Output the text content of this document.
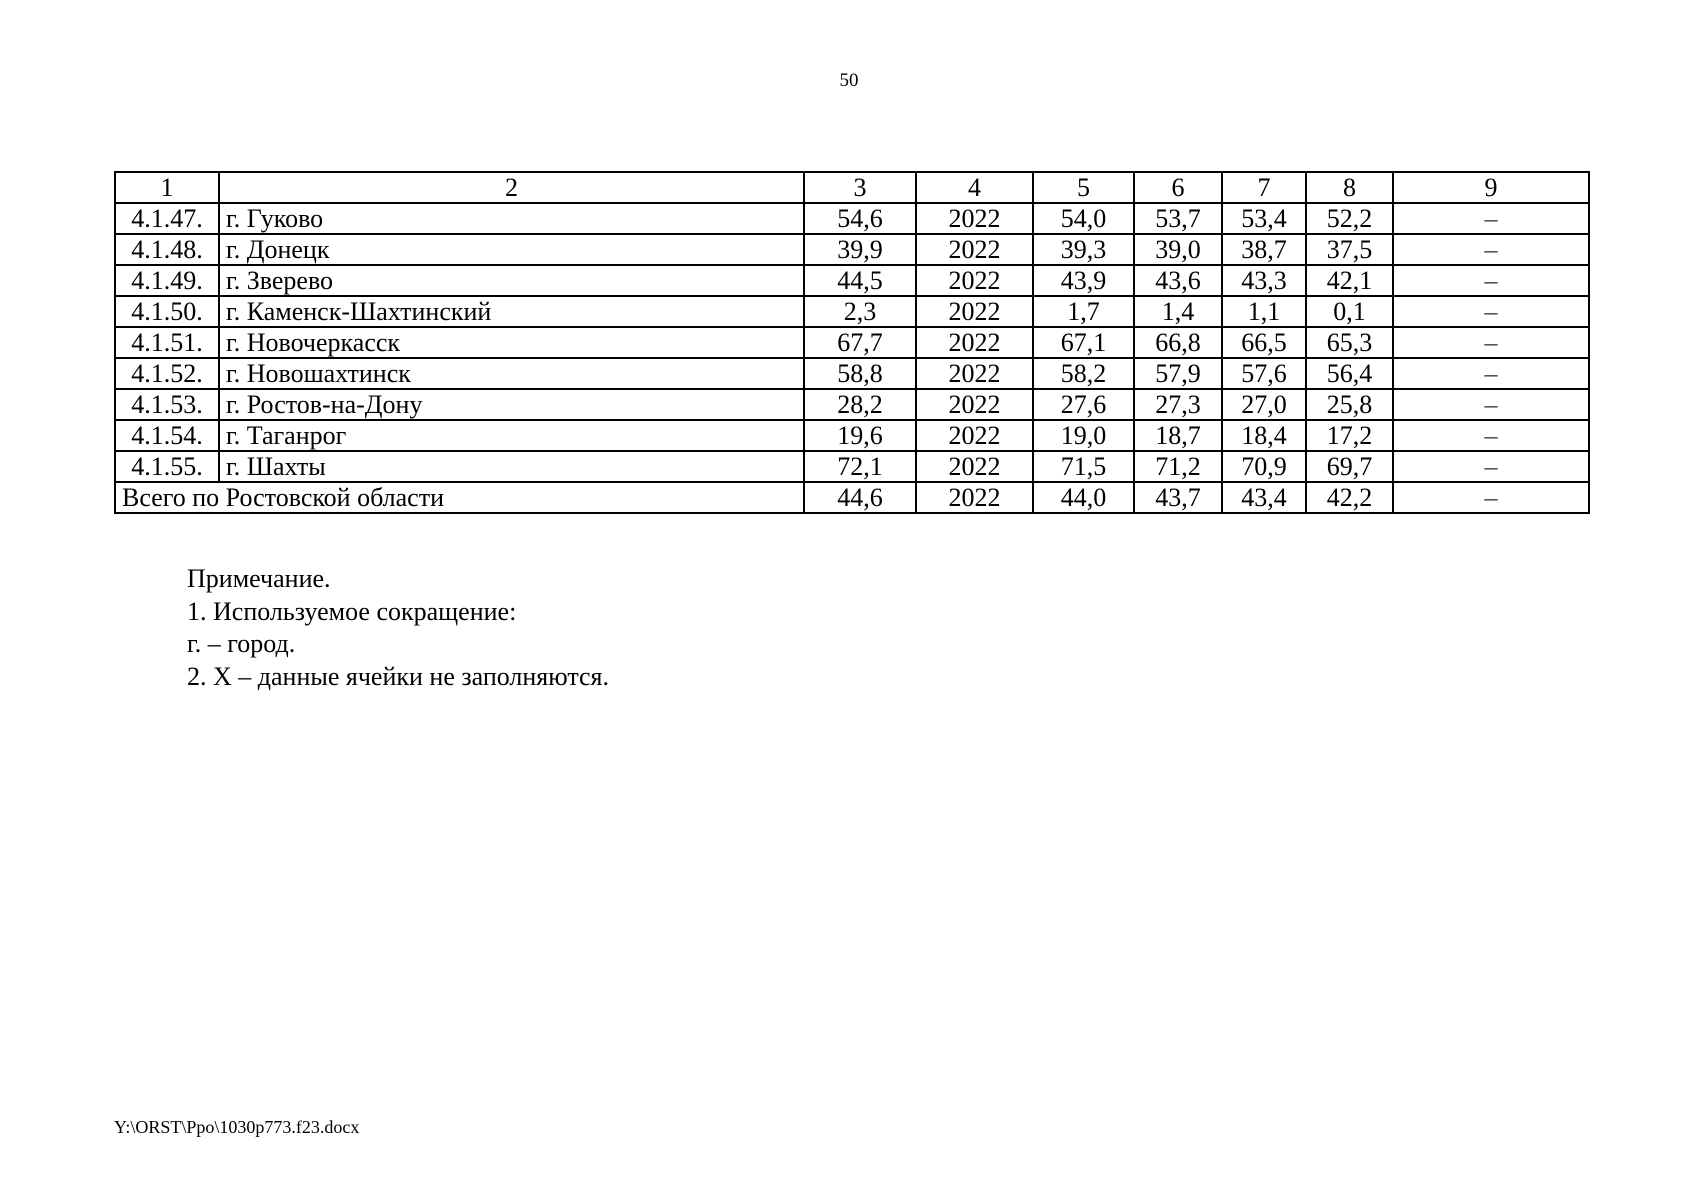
50
1	2	3	4	5	6	7	8	9
4.1.47.	г. Гуково	54,6	2022	54,0	53,7	53,4	52,2	–
4.1.48.	г. Донецк	39,9	2022	39,3	39,0	38,7	37,5	–
4.1.49.	г. Зверево	44,5	2022	43,9	43,6	43,3	42,1	–
4.1.50.	г. Каменск-Шахтинский	2,3	2022	1,7	1,4	1,1	0,1	–
4.1.51.	г. Новочеркасск	67,7	2022	67,1	66,8	66,5	65,3	–
4.1.52.	г. Новошахтинск	58,8	2022	58,2	57,9	57,6	56,4	–
4.1.53.	г. Ростов-на-Дону	28,2	2022	27,6	27,3	27,0	25,8	–
4.1.54.	г. Таганрог	19,6	2022	19,0	18,7	18,4	17,2	–
4.1.55.	г. Шахты	72,1	2022	71,5	71,2	70,9	69,7	–
Всего по Ростовской области		44,6	2022	44,0	43,7	43,4	42,2	–
Примечание.
1. Используемое сокращение:
г. – город.
2. Х – данные ячейки не заполняются.
Y:\ORST\Ppo\1030p773.f23.docx
